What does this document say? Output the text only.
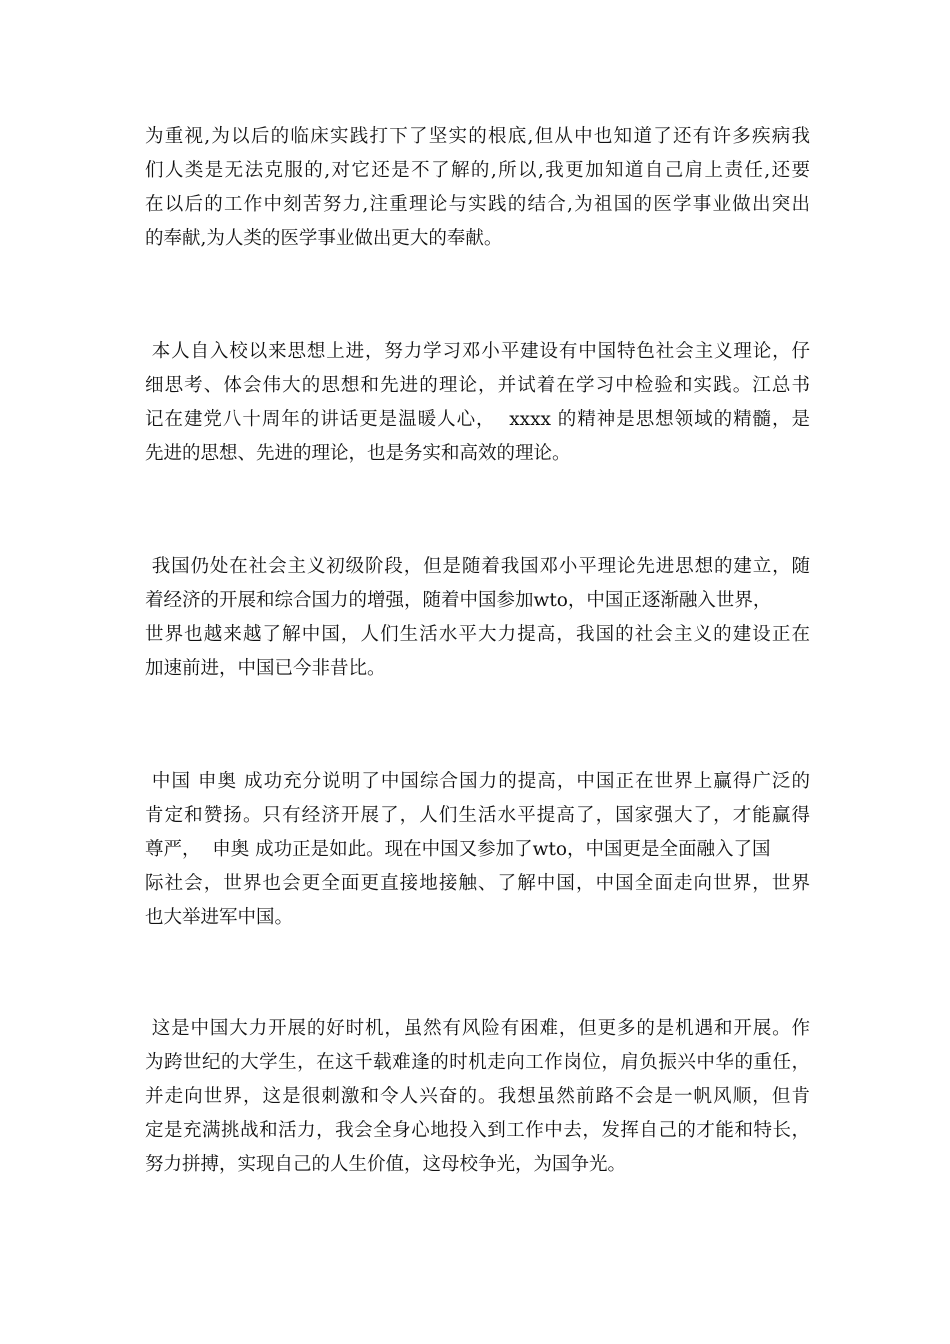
为重视,为以后的临床实践打下了坚实的根底,但从中也知道了还有许多疾病我
们人类是无法克服的,对它还是不了解的,所以,我更加知道自己肩上责任,还要
在以后的工作中刻苦努力,注重理论与实践的结合,为祖国的医学事业做出突出
的奉献,为人类的医学事业做出更大的奉献。
本人自入校以来思想上进，努力学习邓小平建设有中国特色社会主义理论，仔
细思考、体会伟大的思想和先进的理论，并试着在学习中检验和实践。江总书
记在建党八十周年的讲话更是温暖人心，  xxxx 的精神是思想领域的精髓，是
先进的思想、先进的理论，也是务实和高效的理论。
我国仍处在社会主义初级阶段，但是随着我国邓小平理论先进思想的建立，随
着经济的开展和综合国力的增强，随着中国参加wto，中国正逐渐融入世界，
世界也越来越了解中国，人们生活水平大力提高，我国的社会主义的建设正在
加速前进，中国已今非昔比。
中国 申奥 成功充分说明了中国综合国力的提高，中国正在世界上赢得广泛的
肯定和赞扬。只有经济开展了，人们生活水平提高了，国家强大了，才能赢得
尊严，  申奥 成功正是如此。现在中国又参加了wto，中国更是全面融入了国
际社会，世界也会更全面更直接地接触、了解中国，中国全面走向世界，世界
也大举进军中国。
这是中国大力开展的好时机，虽然有风险有困难，但更多的是机遇和开展。作
为跨世纪的大学生，在这千载难逢的时机走向工作岗位，肩负振兴中华的重任，
并走向世界，这是很刺激和令人兴奋的。我想虽然前路不会是一帆风顺，但肯
定是充满挑战和活力，我会全身心地投入到工作中去，发挥自己的才能和特长，
努力拼搏，实现自己的人生价值，这母校争光，为国争光。
